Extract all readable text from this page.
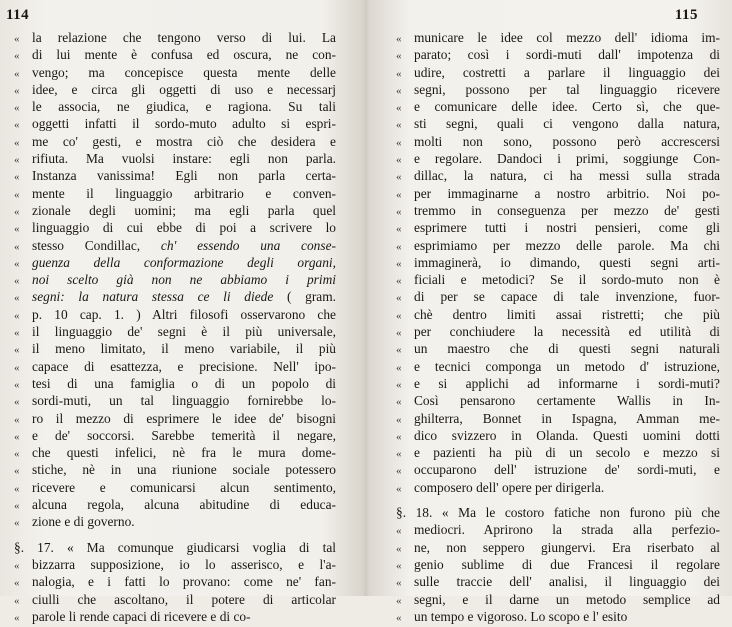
114
« la relazione che tengono verso di lui. La
« di lui mente è confusa ed oscura, ne con-
« vengo; ma concepisce questa mente delle
« idee, e circa gli oggetti di uso e necessarj
« le associa, ne giudica, e ragiona. Su tali
« oggetti infatti il sordo-muto adulto si espri-
« me co' gesti, e mostra ciò che desidera e
« rifiuta. Ma vuolsi instare: egli non parla.
« Instanza vanissima! Egli non parla certa-
« mente il linguaggio arbitrario e conven-
« zionale degli uomini; ma egli parla quel
« linguaggio di cui ebbe di poi a scrivere lo
« stesso Condillac, ch' essendo una conse-
« guenza della conformazione degli organi,
« noi scelto già non ne abbiamo i primi
« segni: la natura stessa ce li diede ( gram.
« p. 10 cap. 1. ) Altri filosofi osservarono che
« il linguaggio de' segni è il più universale,
« il meno limitato, il meno variabile, il più
« capace di esattezza, e precisione. Nell' ipo-
« tesi di una famiglia o di un popolo di
« sordi-muti, un tal linguaggio fornirebbe lo-
« ro il mezzo di esprimere le idee de' bisogni
« e de' soccorsi. Sarebbe temerità il negare,
« che questi infelici, nè fra le mura dome-
« stiche, nè in una riunione sociale potessero
« ricevere e comunicarsi alcun sentimento,
« alcuna regola, alcuna abitudine di educa-
« zione e di governo.
§. 17. « Ma comunque giudicarsi voglia di tal
« bizzarra supposizione, io lo asserisco, e l'a-
« nalogia, e i fatti lo provano: come ne' fan-
« ciulli che ascoltano, il potere di articolar
« parole li rende capaci di ricevere e di co-
115
« municare le idee col mezzo dell' idioma im-
« parato; così i sordi-muti dall' impotenza di
« udire, costretti a parlare il linguaggio dei
« segni, possono per tal linguaggio ricevere
« e comunicare delle idee. Certo sì, che que-
« sti segni, quali ci vengono dalla natura,
« molti non sono, possono però accrescersi
« e regolare. Dandoci i primi, soggiunge Con-
« dillac, la natura, ci ha messi sulla strada
« per immaginarne a nostro arbitrio. Noi po-
« tremmo in conseguenza per mezzo de' gesti
« esprimere tutti i nostri pensieri, come gli
« esprimiamo per mezzo delle parole. Ma chi
« immaginerà, io dimando, questi segni arti-
« ficiali e metodici? Se il sordo-muto non è
« di per se capace di tale invenzione, fuor-
« chè dentro limiti assai ristretti; che più
« per conchiudere la necessità ed utilità di
« un maestro che di questi segni naturali
« e tecnici componga un metodo d' istruzione,
« e si applichi ad informarne i sordi-muti?
« Così pensarono certamente Wallis in In-
« ghilterra, Bonnet in Ispagna, Amman me-
« dico svizzero in Olanda. Questi uomini dotti
« e pazienti ha più di un secolo e mezzo si
« occuparono dell' istruzione de' sordi-muti, e
« composero dell' opere per dirigerla.
§. 18. « Ma le costoro fatiche non furono più che
« mediocri. Aprirono la strada alla perfezio-
« ne, non seppero giungervi. Era riserbato al
« genio sublime di due Francesi il regolare
« sulle traccie dell' analisi, il linguaggio dei
« segni, e il darne un metodo semplice ad
« un tempo e vigoroso. Lo scopo e l' esito
